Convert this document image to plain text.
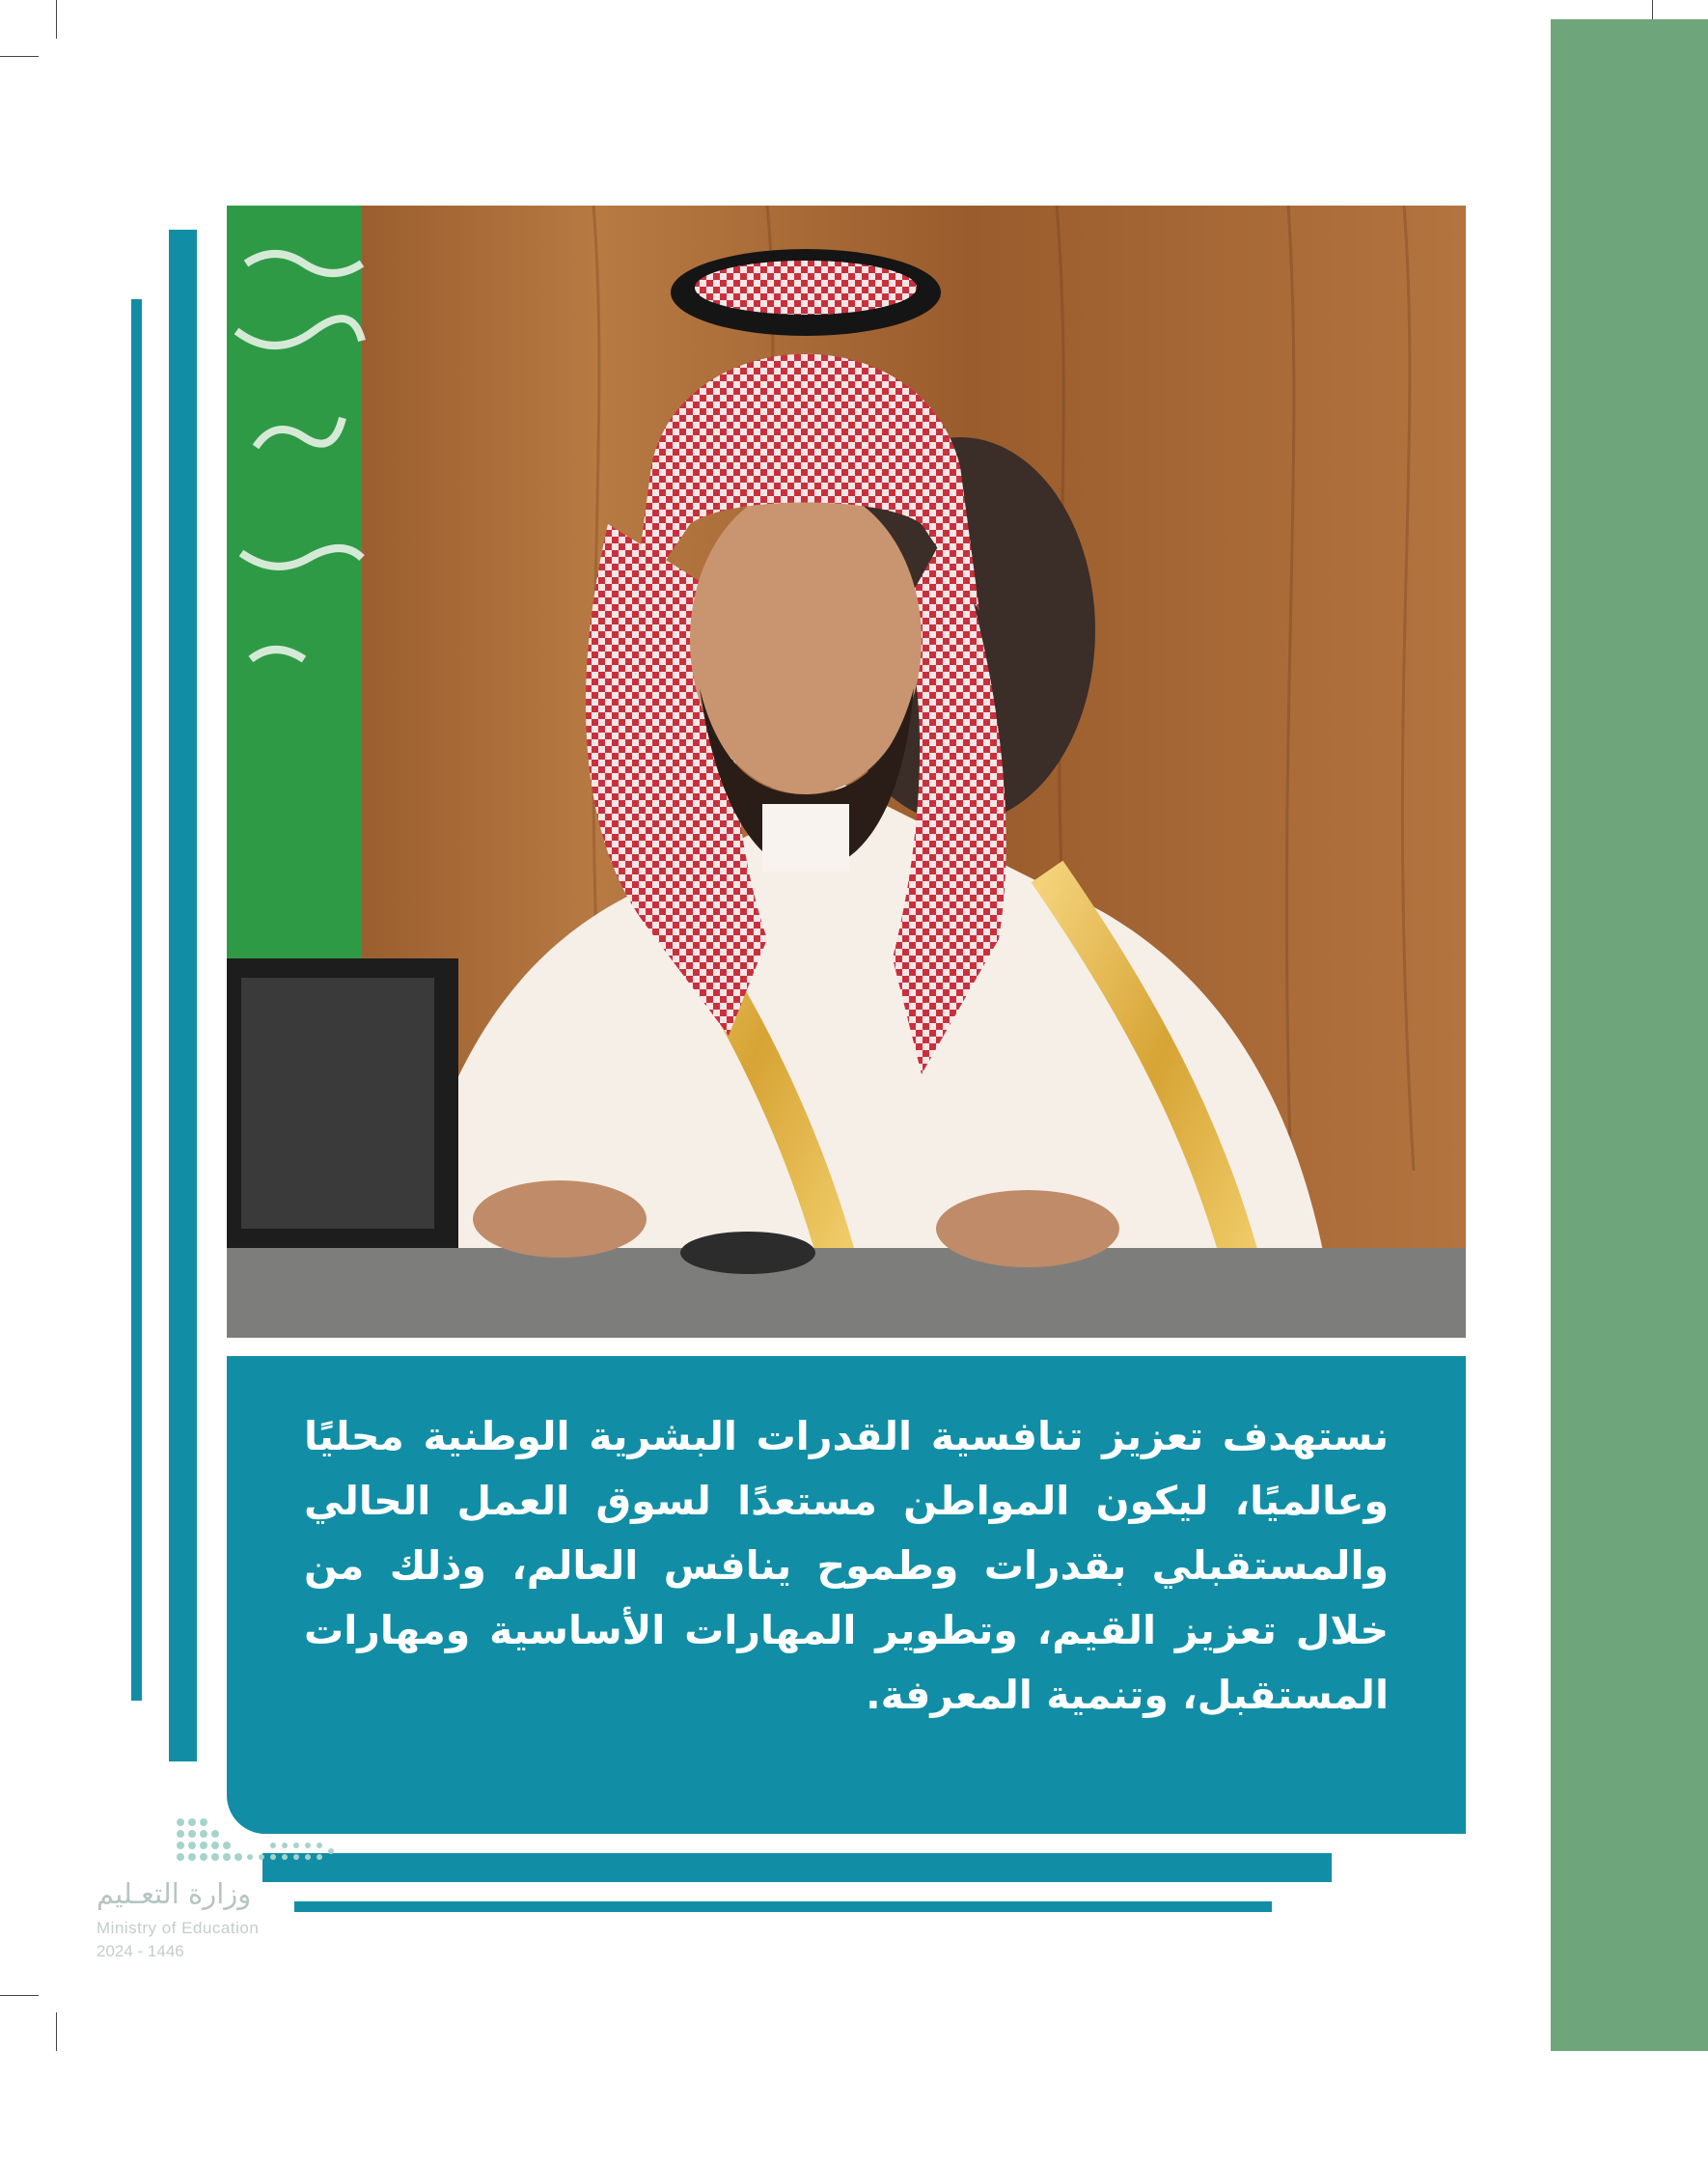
نستهدف تعزيز تنافسية القدرات البشرية الوطنية محليًا وعالميًا، ليكون المواطن مستعدًا لسوق العمل الحالي والمستقبلي بقدرات وطموح ينافس العالم، وذلك من خلال تعزيز القيم، وتطوير المهارات الأساسية ومهارات المستقبل، وتنمية المعرفة.

صاحب السمو الملكي
الأمير محمد بن سلمان بن عبد العزيز آل سعود
ولي العهد، رئيس مجلس الوزراء
وزارة التعـليم
Ministry of Education
2024 - 1446
